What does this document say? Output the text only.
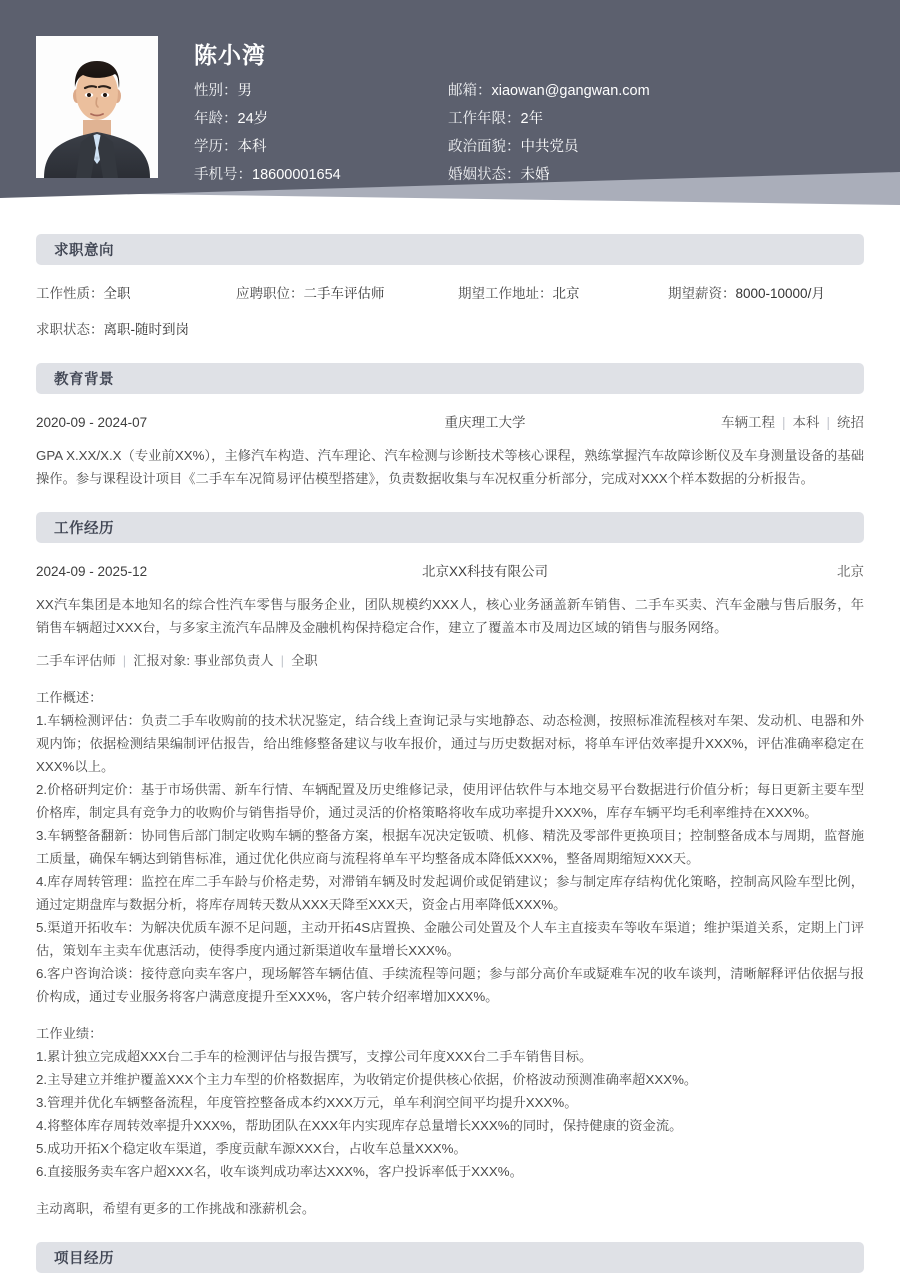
陈小湾
性别：男	邮箱：xiaowan@gangwan.com
年龄：24岁	工作年限：2年
学历：本科	政治面貌：中共党员
手机号：18600001654	婚姻状态：未婚
求职意向
工作性质：全职	应聘职位：二手车评估师	期望工作地址：北京	期望薪资：8000-10000/月
求职状态：离职-随时到岗
教育背景
2020-09 - 2024-07	重庆理工大学	车辆工程 | 本科 | 统招
GPA X.XX/X.X（专业前XX%），主修汽车构造、汽车理论、汽车检测与诊断技术等核心课程，熟练掌握汽车故障诊断仪及车身测量设备的基础操作。参与课程设计项目《二手车车况简易评估模型搭建》，负责数据收集与车况权重分析部分，完成对XXX个样本数据的分析报告。
工作经历
2024-09 - 2025-12	北京XX科技有限公司	北京
XX汽车集团是本地知名的综合性汽车零售与服务企业，团队规模约XXX人，核心业务涵盖新车销售、二手车买卖、汽车金融与售后服务，年销售车辆超过XXX台，与多家主流汽车品牌及金融机构保持稳定合作，建立了覆盖本市及周边区域的销售与服务网络。
二手车评估师 | 汇报对象: 事业部负责人 | 全职
工作概述：
1.车辆检测评估：负责二手车收购前的技术状况鉴定，结合线上查询记录与实地静态、动态检测，按照标准流程核对车架、发动机、电器和外观内饰；依据检测结果编制评估报告，给出维修整备建议与收车报价，通过与历史数据对标，将单车评估效率提升XXX%，评估准确率稳定在XXX%以上。
2.价格研判定价：基于市场供需、新车行情、车辆配置及历史维修记录，使用评估软件与本地交易平台数据进行价值分析；每日更新主要车型价格库，制定具有竞争力的收购价与销售指导价，通过灵活的价格策略将收车成功率提升XXX%，库存车辆平均毛利率维持在XXX%。
3.车辆整备翻新：协同售后部门制定收购车辆的整备方案，根据车况决定钣喷、机修、精洗及零部件更换项目；控制整备成本与周期，监督施工质量，确保车辆达到销售标准，通过优化供应商与流程将单车平均整备成本降低XXX%，整备周期缩短XXX天。
4.库存周转管理：监控在库二手车龄与价格走势，对滞销车辆及时发起调价或促销建议；参与制定库存结构优化策略，控制高风险车型比例，通过定期盘库与数据分析，将库存周转天数从XXX天降至XXX天，资金占用率降低XXX%。
5.渠道开拓收车：为解决优质车源不足问题，主动开拓4S店置换、金融公司处置及个人车主直接卖车等收车渠道；维护渠道关系，定期上门评估，策划车主卖车优惠活动，使得季度内通过新渠道收车量增长XXX%。
6.客户咨询洽谈：接待意向卖车客户，现场解答车辆估值、手续流程等问题；参与部分高价车或疑难车况的收车谈判，清晰解释评估依据与报价构成，通过专业服务将客户满意度提升至XXX%，客户转介绍率增加XXX%。
工作业绩：
1.累计独立完成超XXX台二手车的检测评估与报告撰写，支撑公司年度XXX台二手车销售目标。
2.主导建立并维护覆盖XXX个主力车型的价格数据库，为收销定价提供核心依据，价格波动预测准确率超XXX%。
3.管理并优化车辆整备流程，年度管控整备成本约XXX万元，单车利润空间平均提升XXX%。
4.将整体库存周转效率提升XXX%，帮助团队在XXX年内实现库存总量增长XXX%的同时，保持健康的资金流。
5.成功开拓X个稳定收车渠道，季度贡献车源XXX台，占收车总量XXX%。
6.直接服务卖车客户超XXX名，收车谈判成功率达XXX%，客户投诉率低于XXX%。
主动离职，希望有更多的工作挑战和涨薪机会。
项目经历
